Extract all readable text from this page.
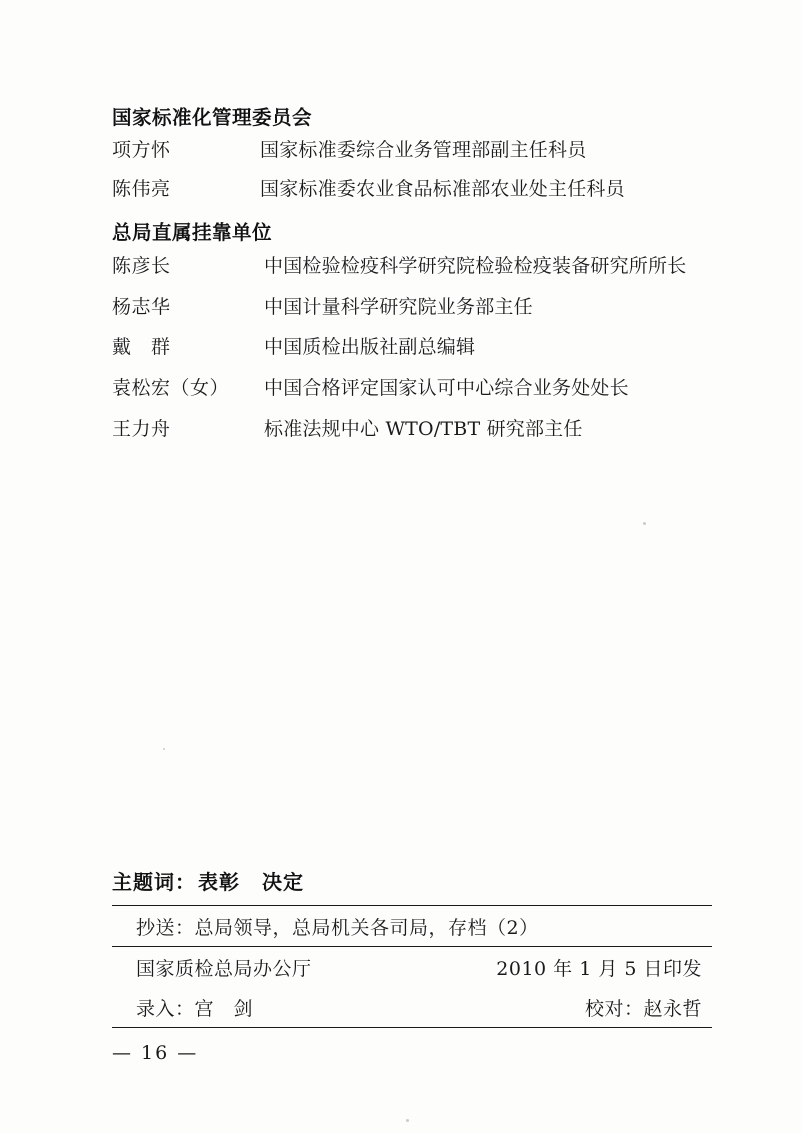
国家标准化管理委员会
项方怀	国家标准委综合业务管理部副主任科员
陈伟亮	国家标准委农业食品标准部农业处主任科员
总局直属挂靠单位
陈彦长	中国检验检疫科学研究院检验检疫装备研究所所长
杨志华	中国计量科学研究院业务部主任
戴　群	中国质检出版社副总编辑
袁松宏（女）	中国合格评定国家认可中心综合业务处处长
王力舟	标准法规中心 WTO/TBT 研究部主任
主题词： 表彰 决定
抄送：总局领导，总局机关各司局，存档（2）
国家质检总局办公厅	2010 年 1 月 5 日印发
录入：宫　剑	校对：赵永哲
— 16 —
